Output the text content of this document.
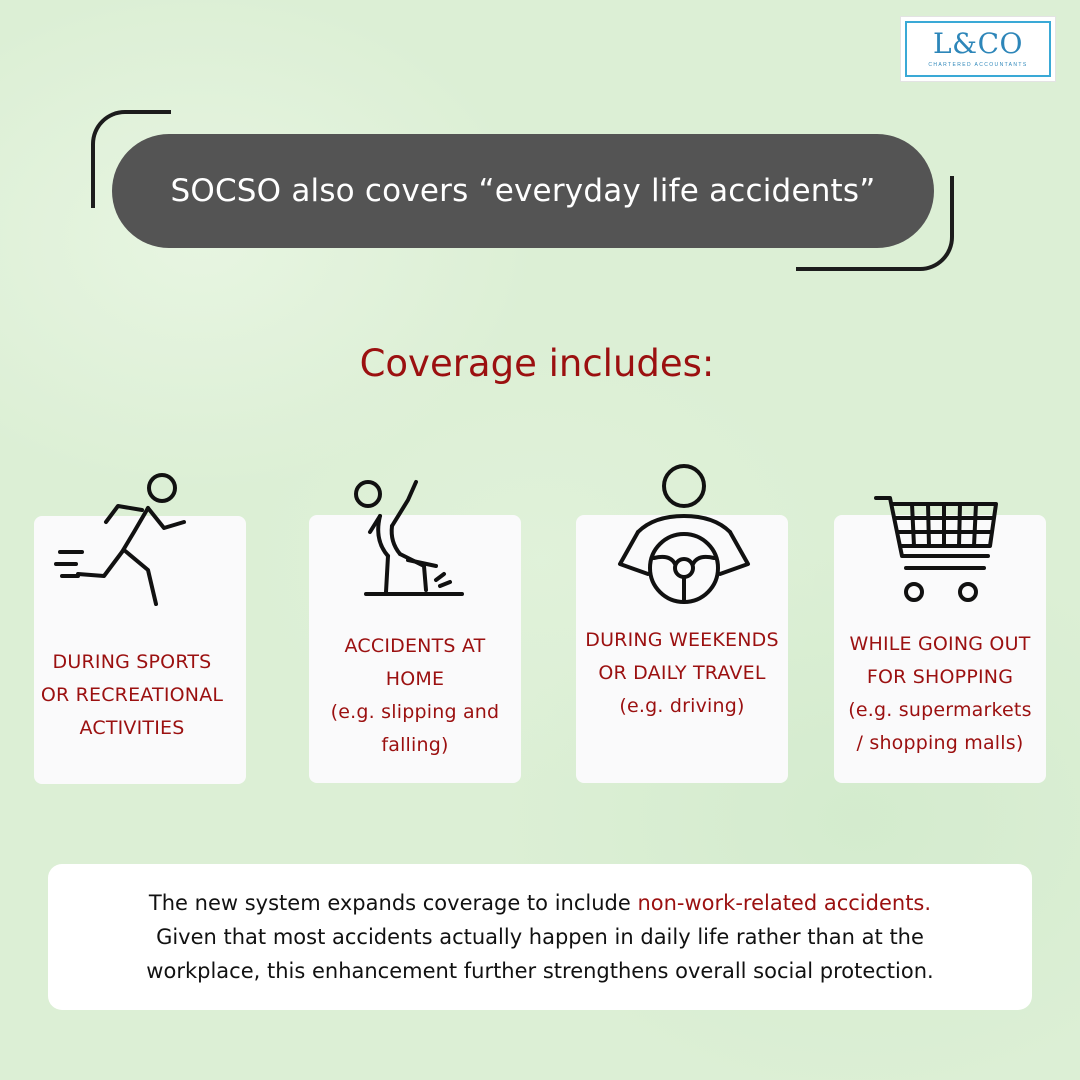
L&CO
CHARTERED ACCOUNTANTS
SOCSO also covers “everyday life accidents”
Coverage includes:
DURING SPORTS
OR RECREATIONAL
ACTIVITIES
ACCIDENTS AT
HOME
(e.g. slipping and
falling)
DURING WEEKENDS
OR DAILY TRAVEL
(e.g. driving)
WHILE GOING OUT
FOR SHOPPING
(e.g. supermarkets
/ shopping malls)
The new system expands coverage to include non-work-related accidents.
Given that most accidents actually happen in daily life rather than at the
workplace, this enhancement further strengthens overall social protection.
